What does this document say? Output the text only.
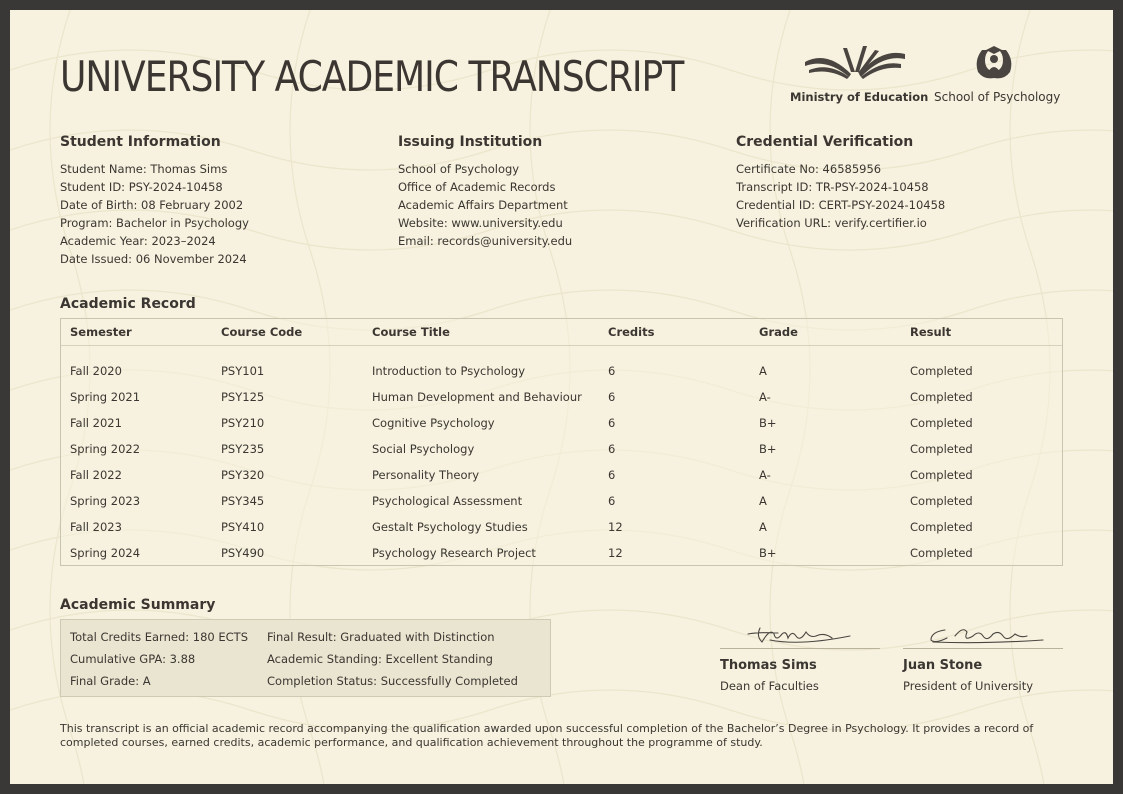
UNIVERSITY ACADEMIC TRANSCRIPT	Ministry of Education School of Psychology
Student Information
Student Name: Thomas Sims
Student ID: PSY-2024-10458
Date of Birth: 08 February 2002
Program: Bachelor in Psychology
Academic Year: 2023–2024
Date Issued: 06 November 2024
Issuing Institution
School of Psychology
Office of Academic Records
Academic Affairs Department
Website: www.university.edu
Email: records@university.edu
Credential Verification
Certificate No: 46585956
Transcript ID: TR-PSY-2024-10458
Credential ID: CERT-PSY-2024-10458
Verification URL: verify.certifier.io
Academic Record
Semester	Course Code	Course Title	Credits	Grade	Result
Fall 2020	PSY101	Introduction to Psychology	6	A	Completed
Spring 2021	PSY125	Human Development and Behaviour 6	A-	Completed
Fall 2021	PSY210	Cognitive Psychology	6	B+	Completed
Spring 2022	PSY235	Social Psychology	6	B+	Completed
Fall 2022	PSY320	Personality Theory	6	A-	Completed
Spring 2023	PSY345	Psychological Assessment	6	A	Completed
Fall 2023	PSY410	Gestalt Psychology Studies	12	A	Completed
Spring 2024	PSY490	Psychology Research Project	12	B+	Completed
Academic Summary
Total Credits Earned: 180 ECTS
Cumulative GPA: 3.88
Final Grade: A
Final Result: Graduated with Distinction
Academic Standing: Excellent Standing
Completion Status: Successfully Completed
Thomas Sims
Dean of Faculties
Juan Stone
President of University

This transcript is an official academic record accompanying the qualification awarded upon successful completion of the Bachelor’s Degree in Psychology. It provides a record of completed courses, earned credits, academic performance, and qualification achievement throughout the programme of study.
